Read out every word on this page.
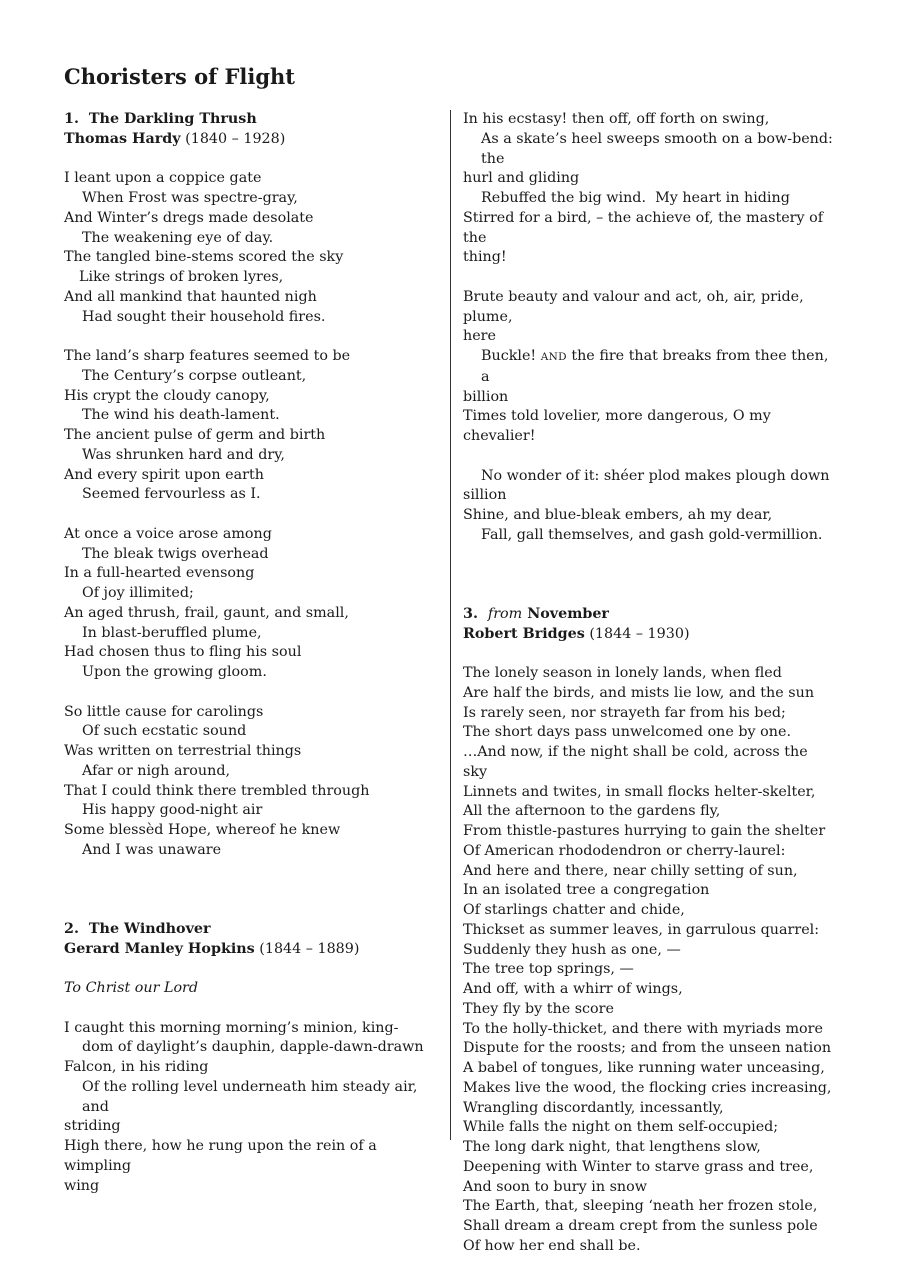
Choristers of Flight
1. The Darkling Thrush
Thomas Hardy (1840 – 1928)
I leant upon a coppice gate
When Frost was spectre-gray,
And Winter’s dregs made desolate
The weakening eye of day.
The tangled bine-stems scored the sky
Like strings of broken lyres,
And all mankind that haunted nigh
Had sought their household fires.
The land’s sharp features seemed to be
The Century’s corpse outleant,
His crypt the cloudy canopy,
The wind his death-lament.
The ancient pulse of germ and birth
Was shrunken hard and dry,
And every spirit upon earth
Seemed fervourless as I.
At once a voice arose among
The bleak twigs overhead
In a full-hearted evensong
Of joy illimited;
An aged thrush, frail, gaunt, and small,
In blast-beruffled plume,
Had chosen thus to fling his soul
Upon the growing gloom.
So little cause for carolings
Of such ecstatic sound
Was written on terrestrial things
Afar or nigh around,
That I could think there trembled through
His happy good-night air
Some blessèd Hope, whereof he knew
And I was unaware
2. The Windhover
Gerard Manley Hopkins (1844 – 1889)
To Christ our Lord
I caught this morning morning’s minion, king-
dom of daylight’s dauphin, dapple-dawn-drawn
Falcon, in his riding
Of the rolling level underneath him steady air, and
striding
High there, how he rung upon the rein of a wimpling
wing
In his ecstasy! then off, off forth on swing,
As a skate’s heel sweeps smooth on a bow-bend: the
hurl and gliding
Rebuffed the big wind.  My heart in hiding
Stirred for a bird, – the achieve of, the mastery of the
thing!
Brute beauty and valour and act, oh, air, pride, plume,
here
Buckle! AND the fire that breaks from thee then, a
billion
Times told lovelier, more dangerous, O my chevalier!
No wonder of it: shéer plod makes plough down
sillion
Shine, and blue-bleak embers, ah my dear,
Fall, gall themselves, and gash gold-vermillion.
3. from November
Robert Bridges (1844 – 1930)
The lonely season in lonely lands, when fled
Are half the birds, and mists lie low, and the sun
Is rarely seen, nor strayeth far from his bed;
The short days pass unwelcomed one by one.
…And now, if the night shall be cold, across the sky
Linnets and twites, in small flocks helter-skelter,
All the afternoon to the gardens fly,
From thistle-pastures hurrying to gain the shelter
Of American rhododendron or cherry-laurel:
And here and there, near chilly setting of sun,
In an isolated tree a congregation
Of starlings chatter and chide,
Thickset as summer leaves, in garrulous quarrel:
Suddenly they hush as one, —
The tree top springs, —
And off, with a whirr of wings,
They fly by the score
To the holly-thicket, and there with myriads more
Dispute for the roosts; and from the unseen nation
A babel of tongues, like running water unceasing,
Makes live the wood, the flocking cries increasing,
Wrangling discordantly, incessantly,
While falls the night on them self-occupied;
The long dark night, that lengthens slow,
Deepening with Winter to starve grass and tree,
And soon to bury in snow
The Earth, that, sleeping ‘neath her frozen stole,
Shall dream a dream crept from the sunless pole
Of how her end shall be.
